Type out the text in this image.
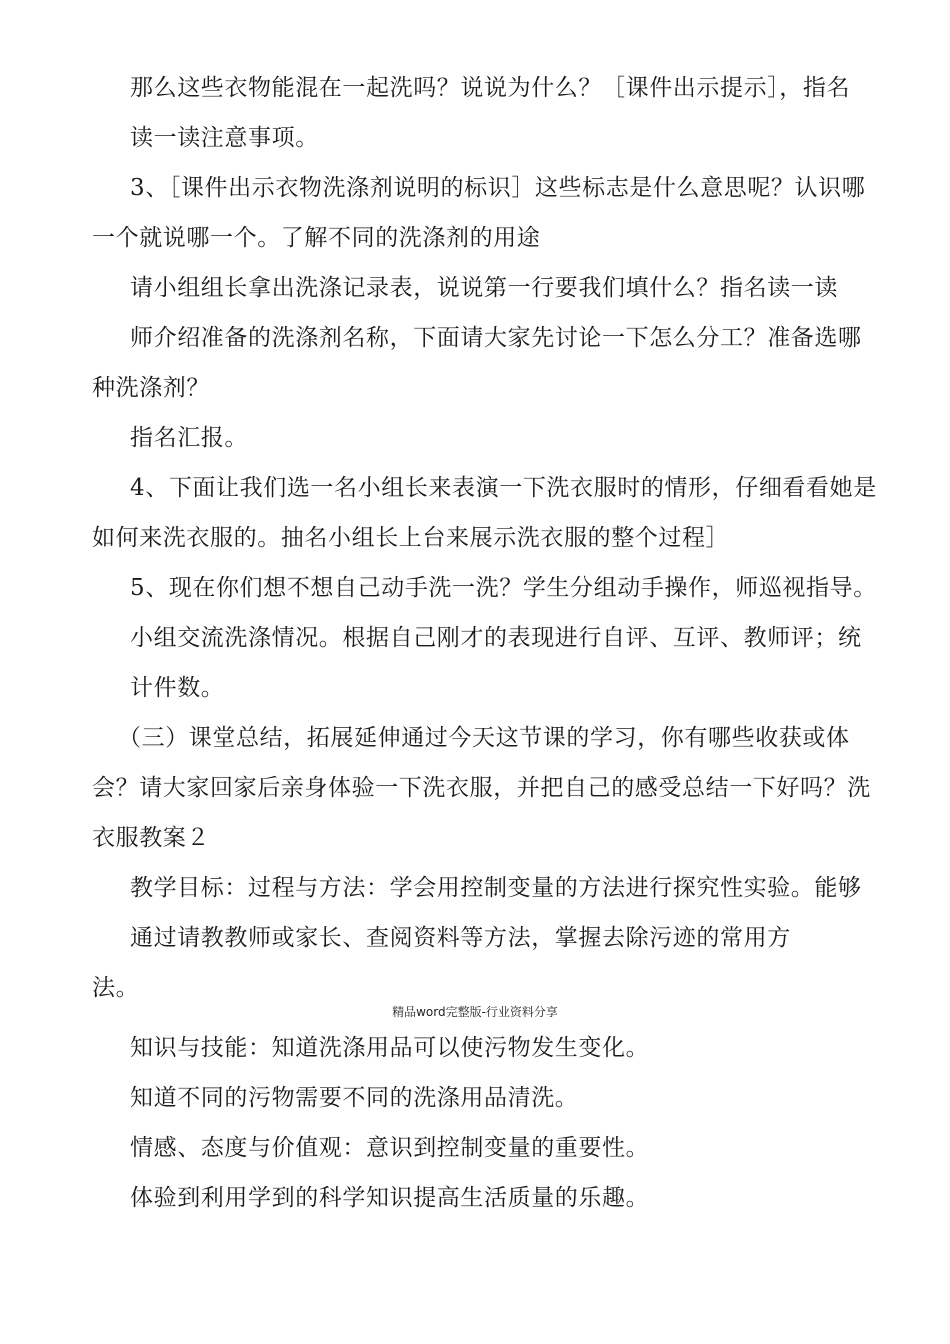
那么这些衣物能混在一起洗吗？说说为什么？［课件出示提示］，指名
读一读注意事项。
3、［课件出示衣物洗涤剂说明的标识］这些标志是什么意思呢？认识哪
一个就说哪一个。了解不同的洗涤剂的用途
请小组组长拿出洗涤记录表，说说第一行要我们填什么？指名读一读
师介绍准备的洗涤剂名称，下面请大家先讨论一下怎么分工？准备选哪
种洗涤剂？
指名汇报。
4、下面让我们选一名小组长来表演一下洗衣服时的情形，仔细看看她是
如何来洗衣服的。抽名小组长上台来展示洗衣服的整个过程］
5、现在你们想不想自己动手洗一洗？学生分组动手操作，师巡视指导。
小组交流洗涤情况。根据自己刚才的表现进行自评、互评、教师评；统
计件数。
（三）课堂总结，拓展延伸通过今天这节课的学习，你有哪些收获或体
会？请大家回家后亲身体验一下洗衣服，并把自己的感受总结一下好吗？洗
衣服教案２
教学目标：过程与方法：学会用控制变量的方法进行探究性实验。能够
通过请教教师或家长、查阅资料等方法，掌握去除污迹的常用方
法。
精品word完整版-行业资料分享
知识与技能：知道洗涤用品可以使污物发生变化。
知道不同的污物需要不同的洗涤用品清洗。
情感、态度与价值观：意识到控制变量的重要性。
体验到利用学到的科学知识提高生活质量的乐趣。
